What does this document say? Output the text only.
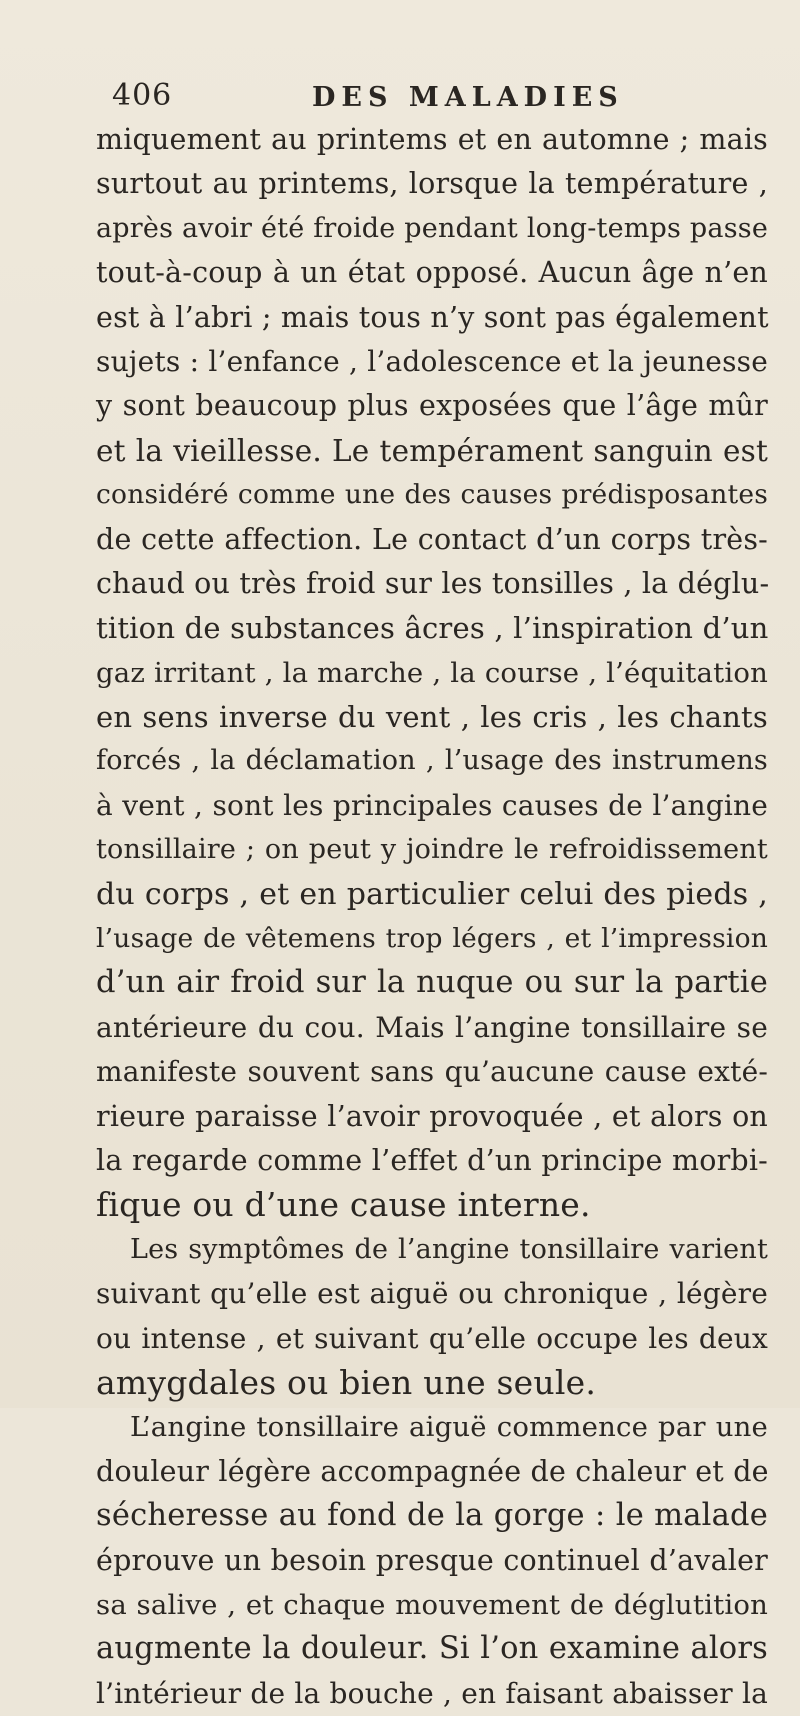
406	DES MALADIES
miquement au printems et en automne ; mais
surtout au printems, lorsque la température ,
après avoir été froide pendant long-temps passe
tout-à-coup à un état opposé. Aucun âge n’en
est à l’abri ; mais tous n’y sont pas également
sujets : l’enfance , l’adolescence et la jeunesse
y sont beaucoup plus exposées que l’âge mûr
et la vieillesse. Le tempérament sanguin est
considéré comme une des causes prédisposantes
de cette affection. Le contact d’un corps très-
chaud ou très froid sur les tonsilles , la déglu-
tition de substances âcres , l’inspiration d’un
gaz irritant , la marche , la course , l’équitation
en sens inverse du vent , les cris , les chants
forcés , la déclamation , l’usage des instrumens
à vent , sont les principales causes de l’angine
tonsillaire ; on peut y joindre le refroidissement
du corps , et en particulier celui des pieds ,
l’usage de vêtemens trop légers , et l’impression
d’un air froid sur la nuque ou sur la partie
antérieure du cou. Mais l’angine tonsillaire se
manifeste souvent sans qu’aucune cause exté-
rieure paraisse l’avoir provoquée , et alors on
la regarde comme l’effet d’un principe morbi-
fique ou d’une cause interne.
Les symptômes de l’angine tonsillaire varient
suivant qu’elle est aiguë ou chronique , légère
ou intense , et suivant qu’elle occupe les deux
amygdales ou bien une seule.
L’angine tonsillaire aiguë commence par une
douleur légère accompagnée de chaleur et de
sécheresse au fond de la gorge : le malade
éprouve un besoin presque continuel d’avaler
sa salive , et chaque mouvement de déglutition
augmente la douleur. Si l’on examine alors
l’intérieur de la bouche , en faisant abaisser la
